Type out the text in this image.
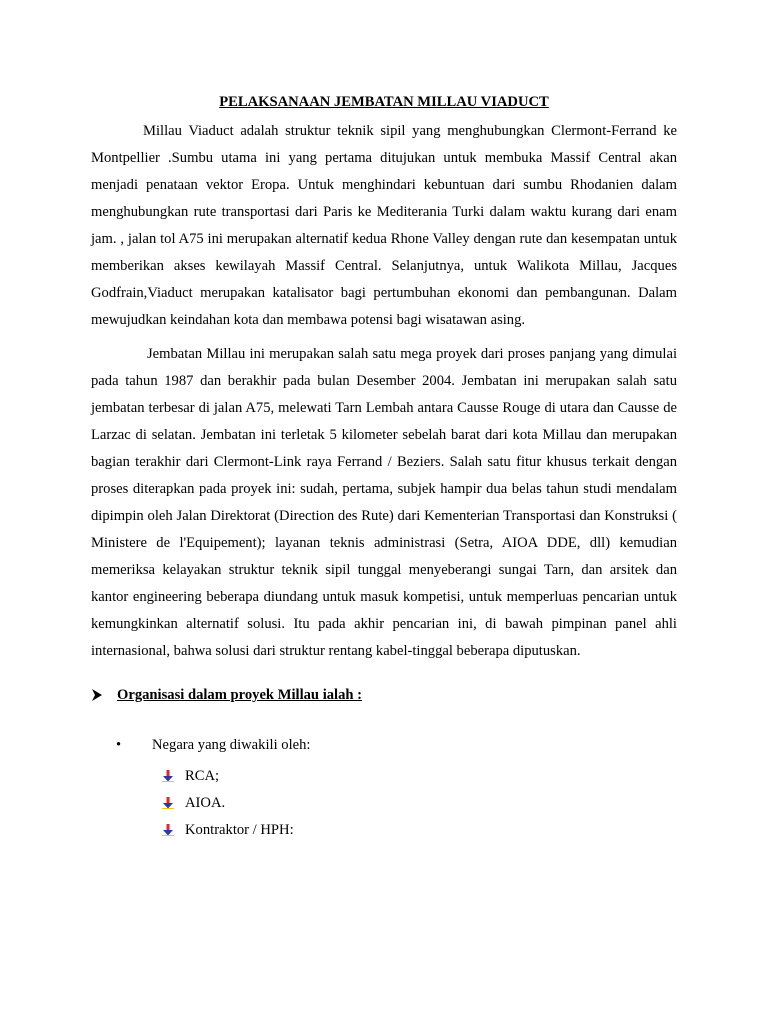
PELAKSANAAN JEMBATAN MILLAU VIADUCT

Millau Viaduct adalah struktur teknik sipil yang menghubungkan Clermont-Ferrand ke Montpellier .Sumbu utama ini yang pertama ditujukan untuk membuka Massif Central akan menjadi penataan vektor Eropa. Untuk menghindari kebuntuan dari sumbu Rhodanien dalam menghubungkan rute transportasi dari Paris ke Mediterania Turki dalam waktu kurang dari enam jam. , jalan tol A75 ini merupakan alternatif kedua Rhone Valley dengan rute dan kesempatan untuk memberikan akses kewilayah Massif Central. Selanjutnya, untuk Walikota Millau, Jacques Godfrain,Viaduct merupakan katalisator bagi pertumbuhan ekonomi dan pembangunan. Dalam mewujudkan keindahan kota dan membawa potensi bagi wisatawan asing.

Jembatan Millau ini merupakan salah satu mega proyek dari proses panjang yang dimulai pada tahun 1987 dan berakhir pada bulan Desember 2004. Jembatan ini merupakan salah satu jembatan terbesar di jalan A75, melewati Tarn Lembah antara Causse Rouge di utara dan Causse de Larzac di selatan. Jembatan ini terletak 5 kilometer sebelah barat dari kota Millau dan merupakan bagian terakhir dari Clermont-Link raya Ferrand / Beziers. Salah satu fitur khusus terkait dengan proses diterapkan pada proyek ini: sudah, pertama, subjek hampir dua belas tahun studi mendalam dipimpin oleh Jalan Direktorat (Direction des Rute) dari Kementerian Transportasi dan Konstruksi ( Ministere de l'Equipement); layanan teknis administrasi (Setra, AIOA DDE, dll) kemudian memeriksa kelayakan struktur teknik sipil tunggal menyeberangi sungai Tarn, dan arsitek dan kantor engineering beberapa diundang untuk masuk kompetisi, untuk memperluas pencarian untuk kemungkinkan alternatif solusi. Itu pada akhir pencarian ini, di bawah pimpinan panel ahli internasional, bahwa solusi dari struktur rentang kabel-tinggal beberapa diputuskan.

Organisasi dalam proyek Millau ialah :
•	Negara yang diwakili oleh:
RCA;
AIOA.
Kontraktor / HPH:
